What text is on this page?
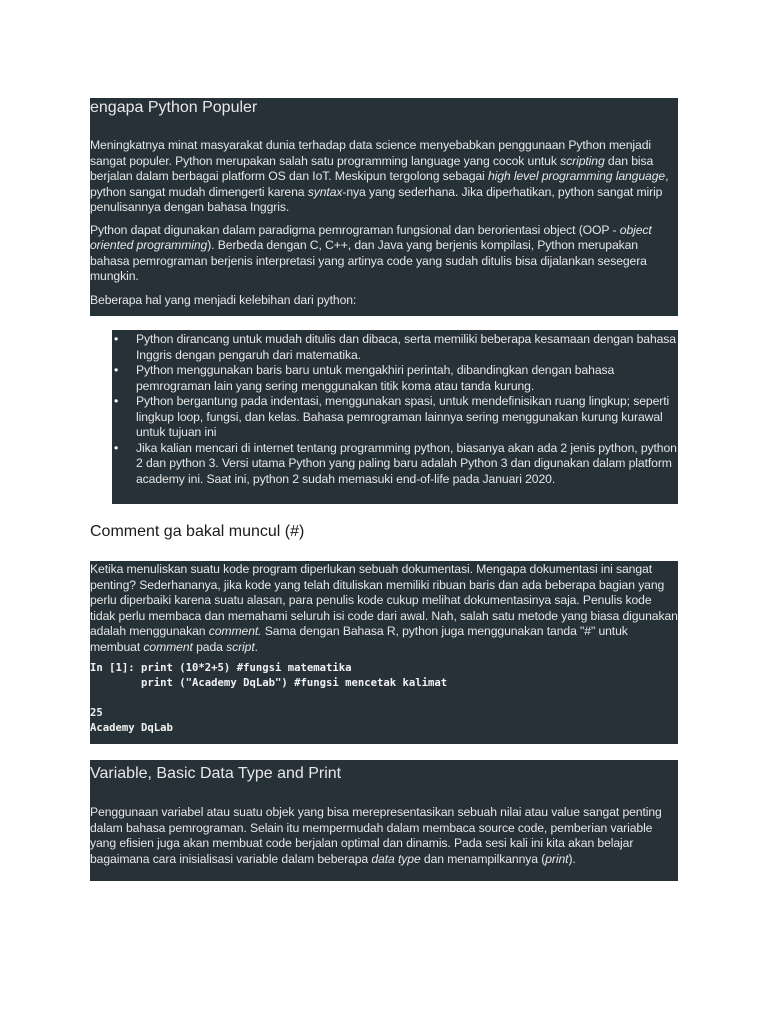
engapa Python Populer

Meningkatnya minat masyarakat dunia terhadap data science menyebabkan penggunaan Python menjadi sangat populer. Python merupakan salah satu programming language yang cocok untuk scripting dan bisa berjalan dalam berbagai platform OS dan IoT. Meskipun tergolong sebagai high level programming language, python sangat mudah dimengerti karena syntax-nya yang sederhana. Jika diperhatikan, python sangat mirip penulisannya dengan bahasa Inggris.

Python dapat digunakan dalam paradigma pemrograman fungsional dan berorientasi object (OOP - object oriented programming). Berbeda dengan C, C++, dan Java yang berjenis kompilasi, Python merupakan bahasa pemrograman berjenis interpretasi yang artinya code yang sudah ditulis bisa dijalankan sesegera mungkin.

Beberapa hal yang menjadi kelebihan dari python:

• Python dirancang untuk mudah ditulis dan dibaca, serta memiliki beberapa kesamaan dengan bahasa Inggris dengan pengaruh dari matematika.
• Python menggunakan baris baru untuk mengakhiri perintah, dibandingkan dengan bahasa pemrograman lain yang sering menggunakan titik koma atau tanda kurung.
• Python bergantung pada indentasi, menggunakan spasi, untuk mendefinisikan ruang lingkup; seperti lingkup loop, fungsi, dan kelas. Bahasa pemrograman lainnya sering menggunakan kurung kurawal untuk tujuan ini
• Jika kalian mencari di internet tentang programming python, biasanya akan ada 2 jenis python, python 2 dan python 3. Versi utama Python yang paling baru adalah Python 3 dan digunakan dalam platform academy ini. Saat ini, python 2 sudah memasuki end-of-life pada Januari 2020.
Comment ga bakal muncul (#)

Ketika menuliskan suatu kode program diperlukan sebuah dokumentasi. Mengapa dokumentasi ini sangat penting? Sederhananya, jika kode yang telah dituliskan memiliki ribuan baris dan ada beberapa bagian yang perlu diperbaiki karena suatu alasan, para penulis kode cukup melihat dokumentasinya saja. Penulis kode tidak perlu membaca dan memahami seluruh isi code dari awal. Nah, salah satu metode yang biasa digunakan adalah menggunakan comment. Sama dengan Bahasa R, python juga menggunakan tanda "#" untuk membuat comment pada script.

In [1]: print (10*2+5) #fungsi matematika
print ("Academy DqLab") #fungsi mencetak kalimat
25
Academy DqLab
Variable, Basic Data Type and Print

Penggunaan variabel atau suatu objek yang bisa merepresentasikan sebuah nilai atau value sangat penting dalam bahasa pemrograman. Selain itu mempermudah dalam membaca source code, pemberian variable yang efisien juga akan membuat code berjalan optimal dan dinamis. Pada sesi kali ini kita akan belajar bagaimana cara inisialisasi variable dalam beberapa data type dan menampilkannya (print).
